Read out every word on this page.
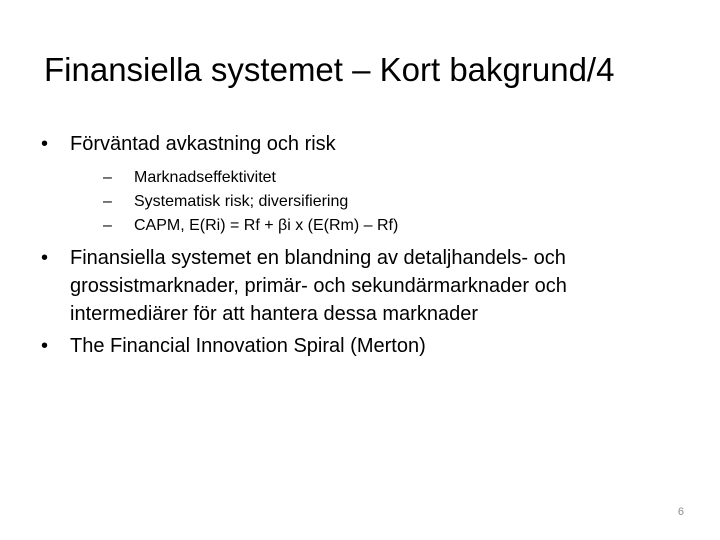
Finansiella systemet – Kort bakgrund/4
• Förväntad avkastning och risk
– Marknadseffektivitet
– Systematisk risk; diversifiering
– CAPM, E(Ri) = Rf + βi x (E(Rm) – Rf)
• Finansiella systemet en blandning av detaljhandels- och grossistmarknader, primär- och sekundärmarknader och intermediärer för att hantera dessa marknader
• The Financial Innovation Spiral (Merton)
6
